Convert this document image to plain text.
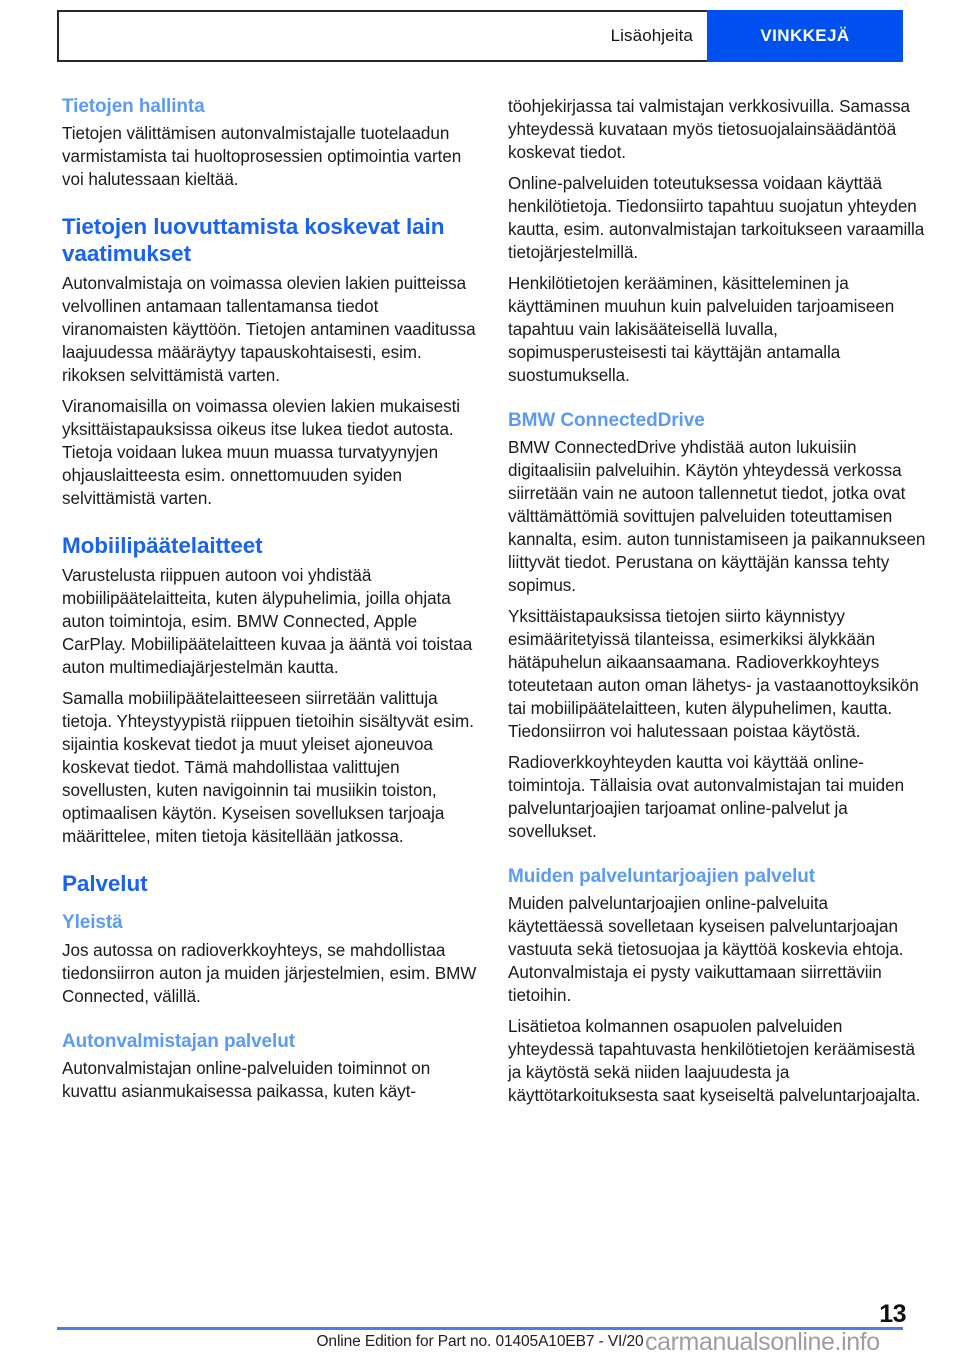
Lisäohjeita	VINKKEJÄ
Tietojen hallinta

Tietojen välittämisen autonvalmistajalle tuotelaadun varmistamista tai huoltoprosessien optimointia varten voi halutessaan kieltää.

Tietojen luovuttamista koskevat lain vaatimukset

Autonvalmistaja on voimassa olevien lakien puitteissa velvollinen antamaan tallentamansa tiedot viranomaisten käyttöön. Tietojen antaminen vaaditussa laajuudessa määräytyy tapauskohtaisesti, esim. rikoksen selvittämistä varten.

Viranomaisilla on voimassa olevien lakien mukaisesti yksittäistapauksissa oikeus itse lukea tiedot autosta. Tietoja voidaan lukea muun muassa turvatyynyjen ohjauslaitteesta esim. onnettomuuden syiden selvittämistä varten.

Mobiilipäätelaitteet

Varustelusta riippuen autoon voi yhdistää mobiilipäätelaitteita, kuten älypuhelimia, joilla ohjata auton toimintoja, esim. BMW Connected, Apple CarPlay. Mobiilipäätelaitteen kuvaa ja ääntä voi toistaa auton multimediajärjestelmän kautta.

Samalla mobiilipäätelaitteeseen siirretään valittuja tietoja. Yhteystyypistä riippuen tietoihin sisältyvät esim. sijaintia koskevat tiedot ja muut yleiset ajoneuvoa koskevat tiedot. Tämä mahdollistaa valittujen sovellusten, kuten navigoinnin tai musiikin toiston, optimaalisen käytön. Kyseisen sovelluksen tarjoaja määrittelee, miten tietoja käsitellään jatkossa.

Palvelut
Yleistä

Jos autossa on radioverkkoyhteys, se mahdollistaa tiedonsiirron auton ja muiden järjestelmien, esim. BMW Connected, välillä.

Autonvalmistajan palvelut

Autonvalmistajan online-palveluiden toiminnot on kuvattu asianmukaisessa paikassa, kuten käyt-

töohjekirjassa tai valmistajan verkkosivuilla. Samassa yhteydessä kuvataan myös tietosuojalainsäädäntöä koskevat tiedot.

Online-palveluiden toteutuksessa voidaan käyttää henkilötietoja. Tiedonsiirto tapahtuu suojatun yhteyden kautta, esim. autonvalmistajan tarkoitukseen varaamilla tietojärjestelmillä.

Henkilötietojen kerääminen, käsitteleminen ja käyttäminen muuhun kuin palveluiden tarjoamiseen tapahtuu vain lakisääteisellä luvalla, sopimusperusteisesti tai käyttäjän antamalla suostumuksella.

BMW ConnectedDrive

BMW ConnectedDrive yhdistää auton lukuisiin digitaalisiin palveluihin. Käytön yhteydessä verkossa siirretään vain ne autoon tallennetut tiedot, jotka ovat välttämättömiä sovittujen palveluiden toteuttamisen kannalta, esim. auton tunnistamiseen ja paikannukseen liittyvät tiedot. Perustana on käyttäjän kanssa tehty sopimus.

Yksittäistapauksissa tietojen siirto käynnistyy esimääritetyissä tilanteissa, esimerkiksi älykkään hätäpuhelun aikaansaamana. Radioverkkoyhteys toteutetaan auton oman lähetys- ja vastaanottoyksikön tai mobiilipäätelaitteen, kuten älypuhelimen, kautta. Tiedonsiirron voi halutessaan poistaa käytöstä.

Radioverkkoyhteyden kautta voi käyttää online-toimintoja. Tällaisia ovat autonvalmistajan tai muiden palveluntarjoajien tarjoamat online-palvelut ja sovellukset.

Muiden palveluntarjoajien palvelut

Muiden palveluntarjoajien online-palveluita käytettäessä sovelletaan kyseisen palveluntarjoajan vastuuta sekä tietosuojaa ja käyttöä koskevia ehtoja. Autonvalmistaja ei pysty vaikuttamaan siirrettäviin tietoihin.

Lisätietoa kolmannen osapuolen palveluiden yhteydessä tapahtuvasta henkilötietojen keräämisestä ja käytöstä sekä niiden laajuudesta ja käyttötarkoituksesta saat kyseiseltä palveluntarjoajalta.

13
Online Edition for Part no. 01405A10EB7 - VI/20 carmanualsonline.info
